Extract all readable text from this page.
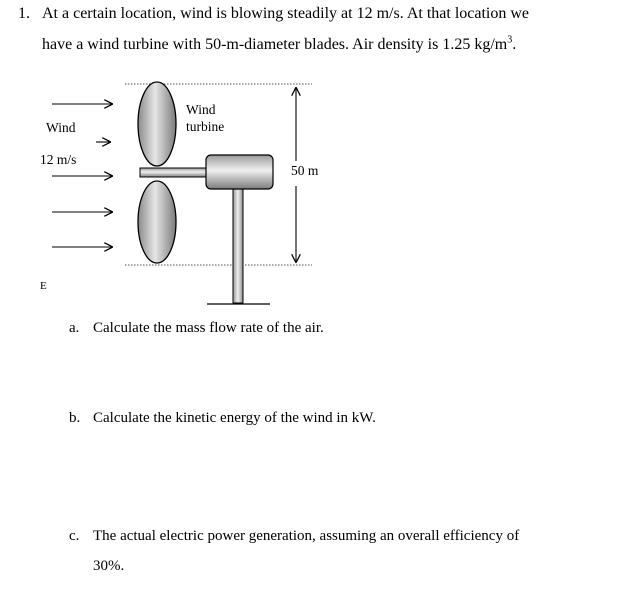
1. At a certain location, wind is blowing steadily at 12 m/s. At that location we
have a wind turbine with 50-m-diameter blades. Air density is 1.25 $kg/m^3$.
Ε
Wind
12 m/s
Wind
turbine
50 m
a. Calculate the mass flow rate of the air.
b. Calculate the kinetic energy of the wind in kW.
c. The actual electric power generation, assuming an overall efficiency of
30%.
